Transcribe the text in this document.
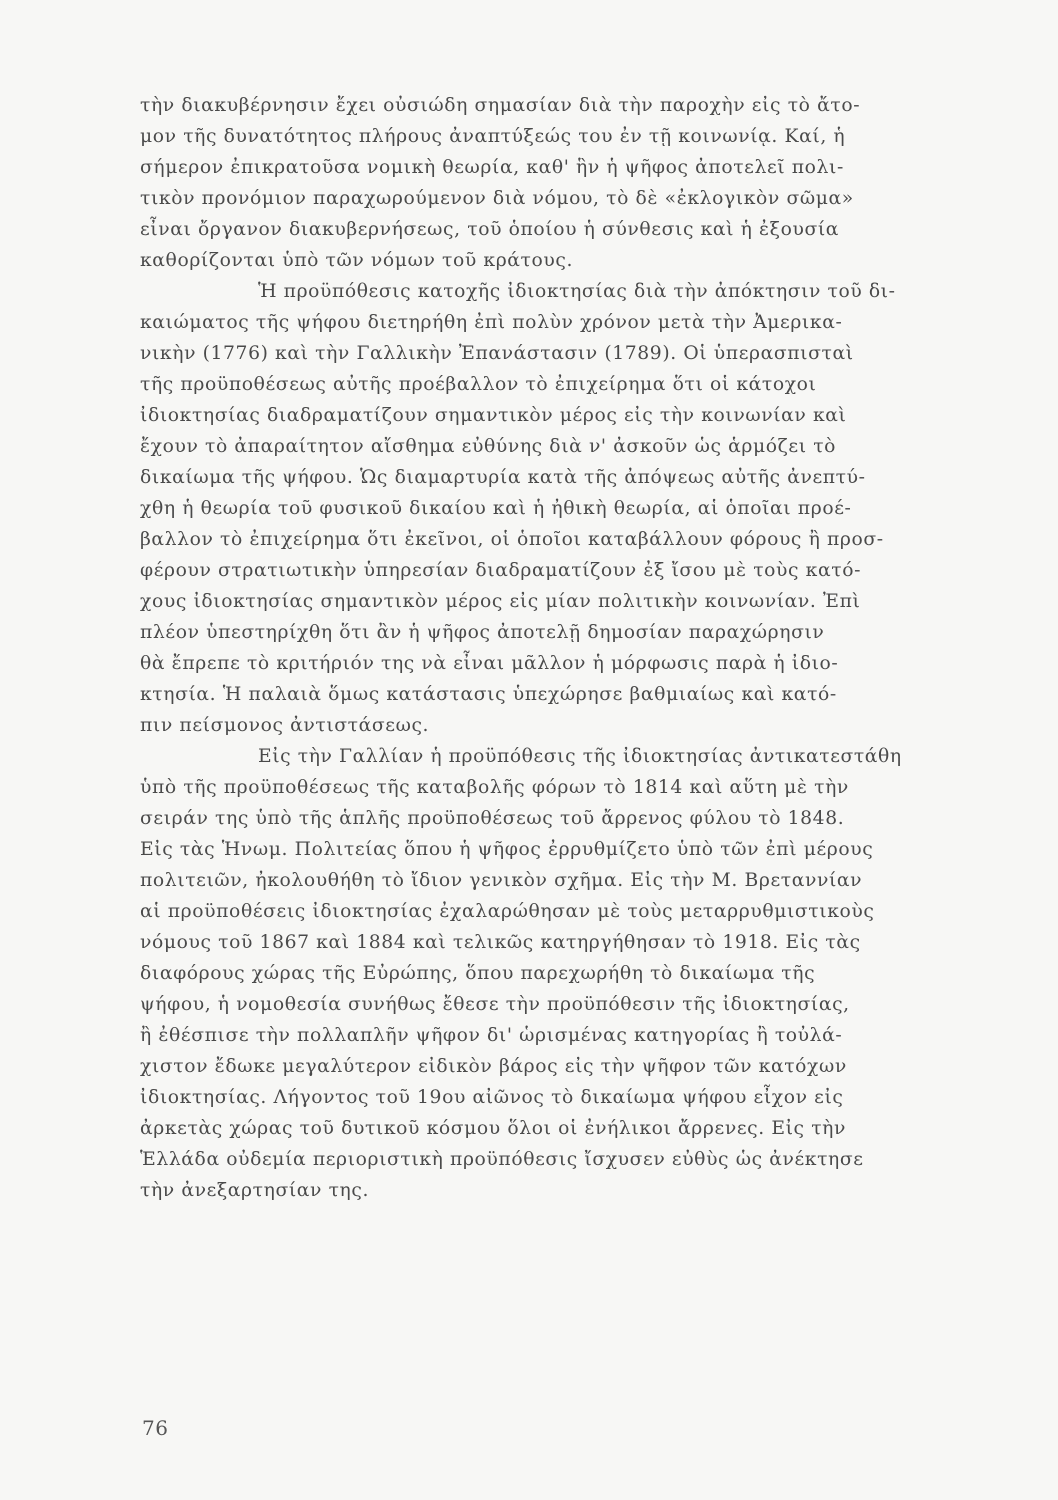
τὴν διακυβέρνησιν ἔχει οὐσιώδη σημασίαν διὰ τὴν παροχὴν εἰς τὸ ἄτο-
μον τῆς δυνατότητος πλήρους ἀναπτύξεώς του ἐν τῇ κοινωνίᾳ. Καί, ἡ
σήμερον ἐπικρατοῦσα νομικὴ θεωρία, καθ' ἣν ἡ ψῆφος ἀποτελεῖ πολι-
τικὸν προνόμιον παραχωρούμενον διὰ νόμου, τὸ δὲ «ἐκλογικὸν σῶμα»
εἶναι ὄργανον διακυβερνήσεως, τοῦ ὁποίου ἡ σύνθεσις καὶ ἡ ἐξουσία
καθορίζονται ὑπὸ τῶν νόμων τοῦ κράτους.
Ἡ προϋπόθεσις κατοχῆς ἰδιοκτησίας διὰ τὴν ἀπόκτησιν τοῦ δι-
καιώματος τῆς ψήφου διετηρήθη ἐπὶ πολὺν χρόνον μετὰ τὴν Ἀμερικα-
νικὴν (1776) καὶ τὴν Γαλλικὴν Ἐπανάστασιν (1789). Οἱ ὑπερασπισταὶ
τῆς προϋποθέσεως αὐτῆς προέβαλλον τὸ ἐπιχείρημα ὅτι οἱ κάτοχοι
ἰδιοκτησίας διαδραματίζουν σημαντικὸν μέρος εἰς τὴν κοινωνίαν καὶ
ἔχουν τὸ ἀπαραίτητον αἴσθημα εὐθύνης διὰ ν' ἀσκοῦν ὡς ἁρμόζει τὸ
δικαίωμα τῆς ψήφου. Ὡς διαμαρτυρία κατὰ τῆς ἀπόψεως αὐτῆς ἀνεπτύ-
χθη ἡ θεωρία τοῦ φυσικοῦ δικαίου καὶ ἡ ἠθικὴ θεωρία, αἱ ὁποῖαι προέ-
βαλλον τὸ ἐπιχείρημα ὅτι ἐκεῖνοι, οἱ ὁποῖοι καταβάλλουν φόρους ἢ προσ-
φέρουν στρατιωτικὴν ὑπηρεσίαν διαδραματίζουν ἐξ ἴσου μὲ τοὺς κατό-
χους ἰδιοκτησίας σημαντικὸν μέρος εἰς μίαν πολιτικὴν κοινωνίαν. Ἐπὶ
πλέον ὑπεστηρίχθη ὅτι ἂν ἡ ψῆφος ἀποτελῇ δημοσίαν παραχώρησιν
θὰ ἔπρεπε τὸ κριτήριόν της νὰ εἶναι μᾶλλον ἡ μόρφωσις παρὰ ἡ ἰδιο-
κτησία. Ἡ παλαιὰ ὅμως κατάστασις ὑπεχώρησε βαθμιαίως καὶ κατό-
πιν πείσμονος ἀντιστάσεως.
Εἰς τὴν Γαλλίαν ἡ προϋπόθεσις τῆς ἰδιοκτησίας ἀντικατεστάθη
ὑπὸ τῆς προϋποθέσεως τῆς καταβολῆς φόρων τὸ 1814 καὶ αὕτη μὲ τὴν
σειράν της ὑπὸ τῆς ἁπλῆς προϋποθέσεως τοῦ ἄρρενος φύλου τὸ 1848.
Εἰς τὰς Ἡνωμ. Πολιτείας ὅπου ἡ ψῆφος ἐρρυθμίζετο ὑπὸ τῶν ἐπὶ μέρους
πολιτειῶν, ἠκολουθήθη τὸ ἴδιον γενικὸν σχῆμα. Εἰς τὴν Μ. Βρεταννίαν
αἱ προϋποθέσεις ἰδιοκτησίας ἐχαλαρώθησαν μὲ τοὺς μεταρρυθμιστικοὺς
νόμους τοῦ 1867 καὶ 1884 καὶ τελικῶς κατηργήθησαν τὸ 1918. Εἰς τὰς
διαφόρους χώρας τῆς Εὐρώπης, ὅπου παρεχωρήθη τὸ δικαίωμα τῆς
ψήφου, ἡ νομοθεσία συνήθως ἔθεσε τὴν προϋπόθεσιν τῆς ἰδιοκτησίας,
ἢ ἐθέσπισε τὴν πολλαπλῆν ψῆφον δι' ὡρισμένας κατηγορίας ἢ τοὐλά-
χιστον ἔδωκε μεγαλύτερον εἰδικὸν βάρος εἰς τὴν ψῆφον τῶν κατόχων
ἰδιοκτησίας. Λήγοντος τοῦ 19ου αἰῶνος τὸ δικαίωμα ψήφου εἶχον εἰς
ἀρκετὰς χώρας τοῦ δυτικοῦ κόσμου ὅλοι οἱ ἐνήλικοι ἄρρενες. Εἰς τὴν
Ἑλλάδα οὐδεμία περιοριστικὴ προϋπόθεσις ἴσχυσεν εὐθὺς ὡς ἀνέκτησε
τὴν ἀνεξαρτησίαν της.
76
